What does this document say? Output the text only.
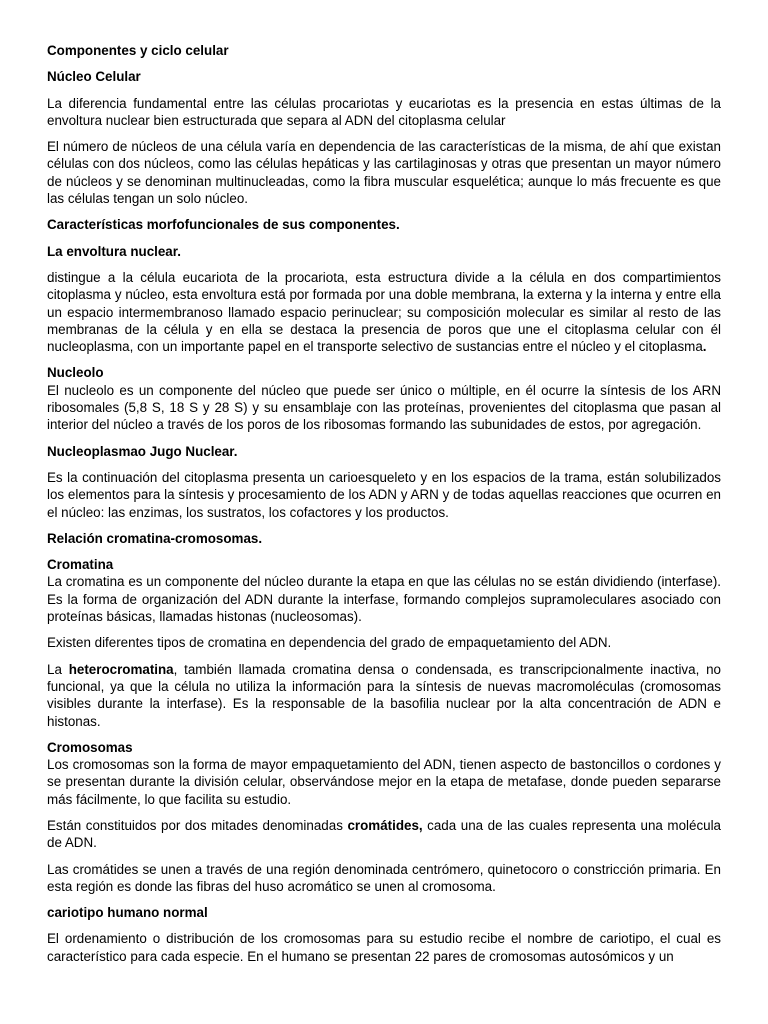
Componentes y ciclo celular
Núcleo Celular
La diferencia fundamental entre las células procariotas y eucariotas es la presencia en estas últimas de la envoltura nuclear bien estructurada que separa al ADN del citoplasma celular
El número de núcleos de una célula varía en dependencia de las características de la misma, de ahí que existan células con dos núcleos, como las células hepáticas y las cartilaginosas y otras que presentan un mayor número de núcleos y se denominan multinucleadas, como la fibra muscular esquelética; aunque lo más frecuente es que las células tengan un solo núcleo.
Características morfofuncionales de sus componentes.
La envoltura nuclear.
distingue a la célula eucariota de la procariota, esta estructura divide a la célula en dos compartimientos citoplasma y núcleo, esta envoltura está por formada por una doble membrana, la externa y la interna y entre ella un espacio intermembranoso llamado espacio perinuclear; su composición molecular es similar al resto de las membranas de la célula y en ella se destaca la presencia de poros que une el citoplasma celular con él nucleoplasma, con un importante papel en el transporte selectivo de sustancias entre el núcleo y el citoplasma.
Nucleolo
El nucleolo es un componente del núcleo que puede ser único o múltiple, en él ocurre la síntesis de los ARN ribosomales (5,8 S, 18 S y 28 S) y su ensamblaje con las proteínas, provenientes del citoplasma que pasan al interior del núcleo a través de los poros de los ribosomas formando las subunidades de estos, por agregación.
Nucleoplasmao Jugo Nuclear.
Es la continuación del citoplasma presenta un carioesqueleto y en los espacios de la trama, están solubilizados los elementos para la síntesis y procesamiento de los ADN y ARN y de todas aquellas reacciones que ocurren en el núcleo: las enzimas, los sustratos, los cofactores y los productos.
Relación cromatina-cromosomas.
Cromatina
La cromatina es un componente del núcleo durante la etapa en que las células no se están dividiendo (interfase). Es la forma de organización del ADN durante la interfase, formando complejos supramoleculares asociado con proteínas básicas, llamadas histonas (nucleosomas).
Existen diferentes tipos de cromatina en dependencia del grado de empaquetamiento del ADN.
La heterocromatina, también llamada cromatina densa o condensada, es transcripcionalmente inactiva, no funcional, ya que la célula no utiliza la información para la síntesis de nuevas macromoléculas (cromosomas visibles durante la interfase). Es la responsable de la basofilia nuclear por la alta concentración de ADN e histonas.
Cromosomas
Los cromosomas son la forma de mayor empaquetamiento del ADN, tienen aspecto de bastoncillos o cordones y se presentan durante la división celular, observándose mejor en la etapa de metafase, donde pueden separarse más fácilmente, lo que facilita su estudio.
Están constituidos por dos mitades denominadas cromátides, cada una de las cuales representa una molécula de ADN.
Las cromátides se unen a través de una región denominada centrómero, quinetocoro o constricción primaria. En esta región es donde las fibras del huso acromático se unen al cromosoma.
cariotipo humano normal
El ordenamiento o distribución de los cromosomas para su estudio recibe el nombre de cariotipo, el cual es característico para cada especie. En el humano se presentan 22 pares de cromosomas autosómicos y un
